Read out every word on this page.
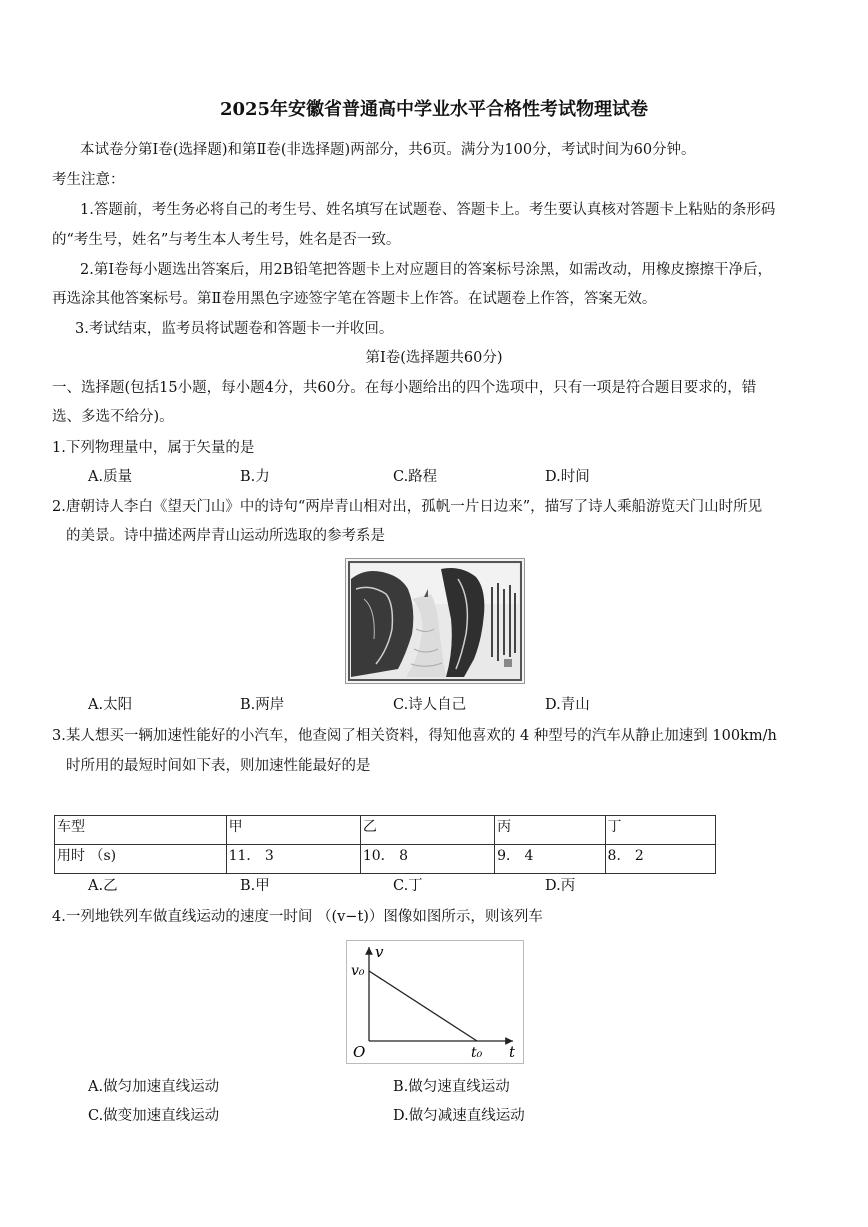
2025年安徽省普通高中学业水平合格性考试物理试卷
本试卷分第Ⅰ卷(选择题)和第Ⅱ卷(非选择题)两部分，共6页。满分为100分，考试时间为60分钟。
考生注意：
1.答题前，考生务必将自己的考生号、姓名填写在试题卷、答题卡上。考生要认真核对答题卡上粘贴的条形码
的“考生号，姓名”与考生本人考生号，姓名是否一致。
2.第Ⅰ卷每小题选出答案后，用2B铅笔把答题卡上对应题目的答案标号涂黑，如需改动，用橡皮擦擦干净后，
再选涂其他答案标号。第Ⅱ卷用黑色字迹签字笔在答题卡上作答。在试题卷上作答，答案无效。
3.考试结束，监考员将试题卷和答题卡一并收回。
第Ⅰ卷(选择题共60分)
一、选择题(包括15小题，每小题4分，共60分。在每小题给出的四个选项中，只有一项是符合题目要求的，错
选、多选不给分)。
1.下列物理量中，属于矢量的是
A.质量	B.力	C.路程	D.时间
2.唐朝诗人李白《望天门山》中的诗句“两岸青山相对出，孤帆一片日边来”，描写了诗人乘船游览天门山时所见
的美景。诗中描述两岸青山运动所选取的参考系是
A.太阳	B.两岸	C.诗人自己	D.青山
3.某人想买一辆加速性能好的小汽车，他查阅了相关资料，得知他喜欢的 4 种型号的汽车从静止加速到 100km/h
时所用的最短时间如下表，则加速性能最好的是
车型	甲	乙	丙	丁
用时 （s)	11． 3	10． 8	9． 4	8． 2
A.乙	B.甲	C.丁	D.丙
4.一列地铁列车做直线运动的速度一时间 （(v−t)）图像如图所示，则该列车
v
t
v₀
t₀
O
A.做匀加速直线运动	B.做匀速直线运动
C.做变加速直线运动	D.做匀减速直线运动
